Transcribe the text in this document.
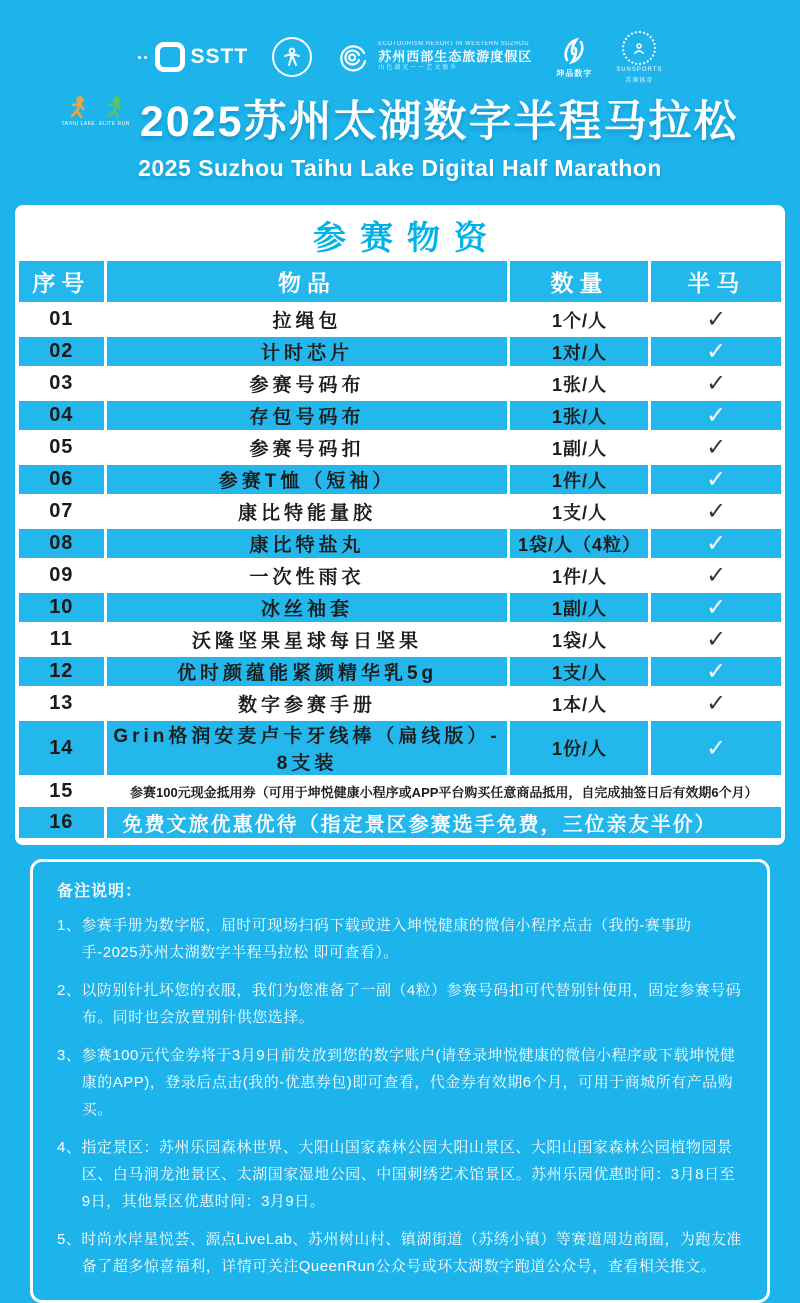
SSTT
ECOTOURISM RESORT IN WESTERN SUZHOU
苏州西部生态旅游度假区
山色湖光～～艺文旅乡
坤品数字	SUNSPORTS
苏奥体育
TAIHU LAKE ELITE RUN 2025苏州太湖数字半程马拉松
2025 Suzhou Taihu Lake Digital Half Marathon
参赛物资
序号	物品	数量	半马
01	拉绳包	1个/人	✓
02	计时芯片	1对/人	✓
03	参赛号码布	1张/人	✓
04	存包号码布	1张/人	✓
05	参赛号码扣	1副/人	✓
06	参赛T恤（短袖）	1件/人	✓
07	康比特能量胶	1支/人	✓
08	康比特盐丸	1袋/人（4粒）	✓
09	一次性雨衣	1件/人	✓
10	冰丝袖套	1副/人	✓
11	沃隆坚果星球每日坚果	1袋/人	✓
12	优时颜蕴能紧颜精华乳5g	1支/人	✓
13	数字参赛手册	1本/人	✓
14	Grin格润安麦卢卡牙线棒（扁线版）- 8支装	1份/人	✓
15	参赛100元现金抵用券（可用于坤悦健康小程序或APP平台购买任意商品抵用，自完成抽签日后有效期6个月）		
16	免费文旅优惠优待（指定景区参赛选手免费，三位亲友半价）		
备注说明：
1、参赛手册为数字版，届时可现场扫码下载或进入坤悦健康的微信小程序点击（我的-赛事助手-2025苏州太湖数字半程马拉松 即可查看）。
2、以防别针扎坏您的衣服，我们为您准备了一副（4粒）参赛号码扣可代替别针使用，固定参赛号码布。同时也会放置别针供您选择。
3、参赛100元代金券将于3月9日前发放到您的数字账户(请登录坤悦健康的微信小程序或下载坤悦健康的APP)，登录后点击(我的-优惠券包)即可查看，代金券有效期6个月，可用于商城所有产品购买。
4、指定景区：苏州乐园森林世界、大阳山国家森林公园大阳山景区、大阳山国家森林公园植物园景区、白马涧龙池景区、太湖国家湿地公园、中国刺绣艺术馆景区。苏州乐园优惠时间：3月8日至9日，其他景区优惠时间：3月9日。
5、时尚水岸星悦荟、源点LiveLab、苏州树山村、镇湖街道（苏绣小镇）等赛道周边商圈，为跑友准备了超多惊喜福利，详情可关注QueenRun公众号或环太湖数字跑道公众号，查看相关推文。
